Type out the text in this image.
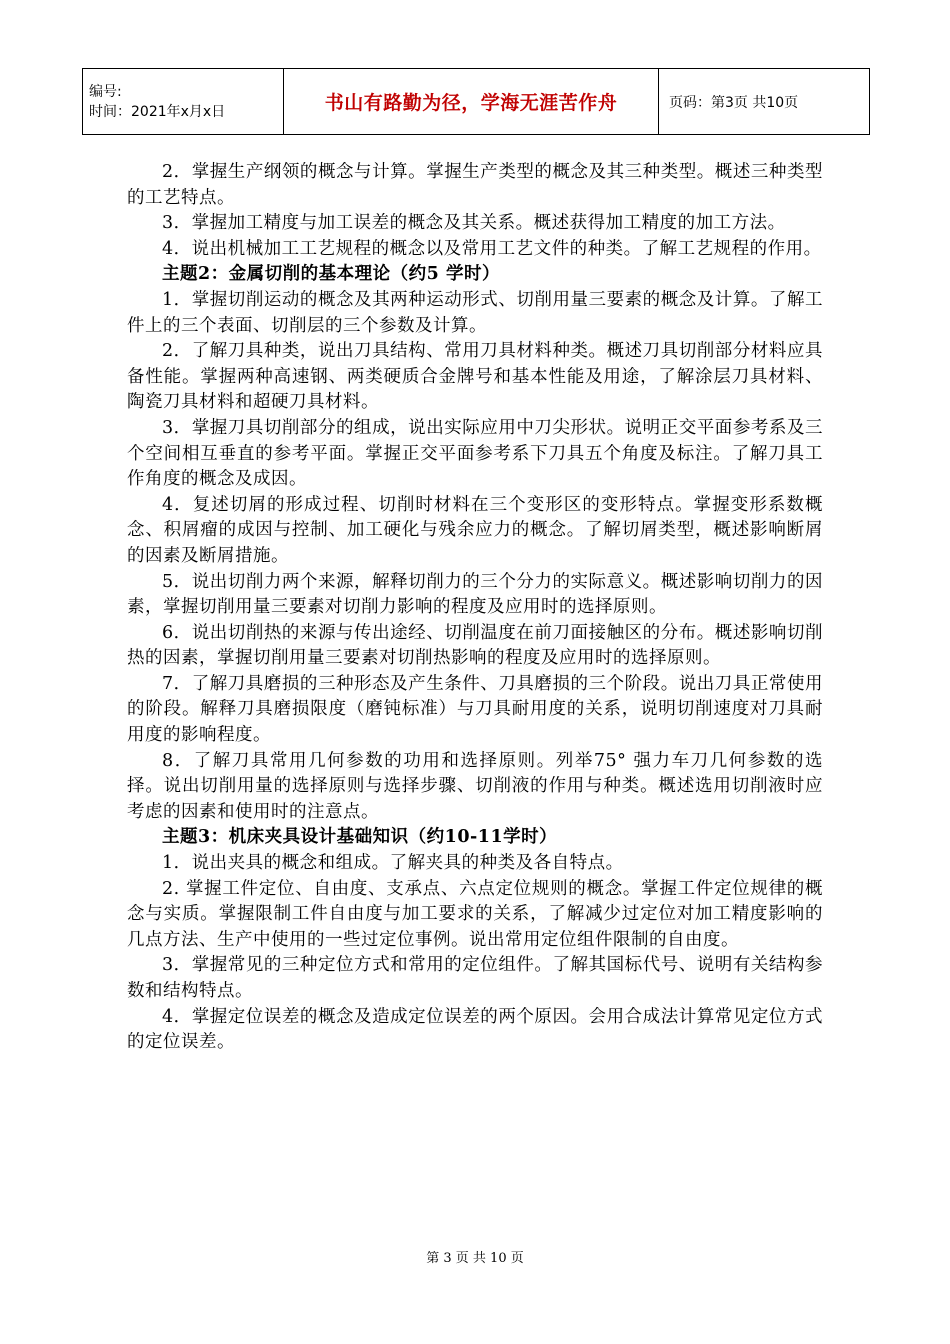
编号:
时间：2021年x月x日	书山有路勤为径，学海无涯苦作舟	页码：第3页 共10页

2．掌握生产纲领的概念与计算。掌握生产类型的概念及其三种类型。概述三种类型的工艺特点。

3．掌握加工精度与加工误差的概念及其关系。概述获得加工精度的加工方法。

4．说出机械加工工艺规程的概念以及常用工艺文件的种类。了解工艺规程的作用。

主题2：金属切削的基本理论（约5 学时）

1．掌握切削运动的概念及其两种运动形式、切削用量三要素的概念及计算。了解工件上的三个表面、切削层的三个参数及计算。

2．了解刀具种类，说出刀具结构、常用刀具材料种类。概述刀具切削部分材料应具备性能。掌握两种高速钢、两类硬质合金牌号和基本性能及用途，了解涂层刀具材料、陶瓷刀具材料和超硬刀具材料。

3．掌握刀具切削部分的组成，说出实际应用中刀尖形状。说明正交平面参考系及三个空间相互垂直的参考平面。掌握正交平面参考系下刀具五个角度及标注。了解刀具工作角度的概念及成因。

4．复述切屑的形成过程、切削时材料在三个变形区的变形特点。掌握变形系数概念、积屑瘤的成因与控制、加工硬化与残余应力的概念。了解切屑类型，概述影响断屑的因素及断屑措施。

5．说出切削力两个来源，解释切削力的三个分力的实际意义。概述影响切削力的因素，掌握切削用量三要素对切削力影响的程度及应用时的选择原则。

6．说出切削热的来源与传出途经、切削温度在前刀面接触区的分布。概述影响切削热的因素，掌握切削用量三要素对切削热影响的程度及应用时的选择原则。

7．了解刀具磨损的三种形态及产生条件、刀具磨损的三个阶段。说出刀具正常使用的阶段。解释刀具磨损限度（磨钝标准）与刀具耐用度的关系，说明切削速度对刀具耐用度的影响程度。

8．了解刀具常用几何参数的功用和选择原则。列举75° 强力车刀几何参数的选择。说出切削用量的选择原则与选择步骤、切削液的作用与种类。概述选用切削液时应考虑的因素和使用时的注意点。

主题3：机床夹具设计基础知识（约10-11学时）

1．说出夹具的概念和组成。了解夹具的种类及各自特点。

2. 掌握工件定位、自由度、支承点、六点定位规则的概念。掌握工件定位规律的概念与实质。掌握限制工件自由度与加工要求的关系，了解减少过定位对加工精度影响的几点方法、生产中使用的一些过定位事例。说出常用定位组件限制的自由度。

3．掌握常见的三种定位方式和常用的定位组件。了解其国标代号、说明有关结构参数和结构特点。

4．掌握定位误差的概念及造成定位误差的两个原因。会用合成法计算常见定位方式的定位误差。

第 3 页 共 10 页
